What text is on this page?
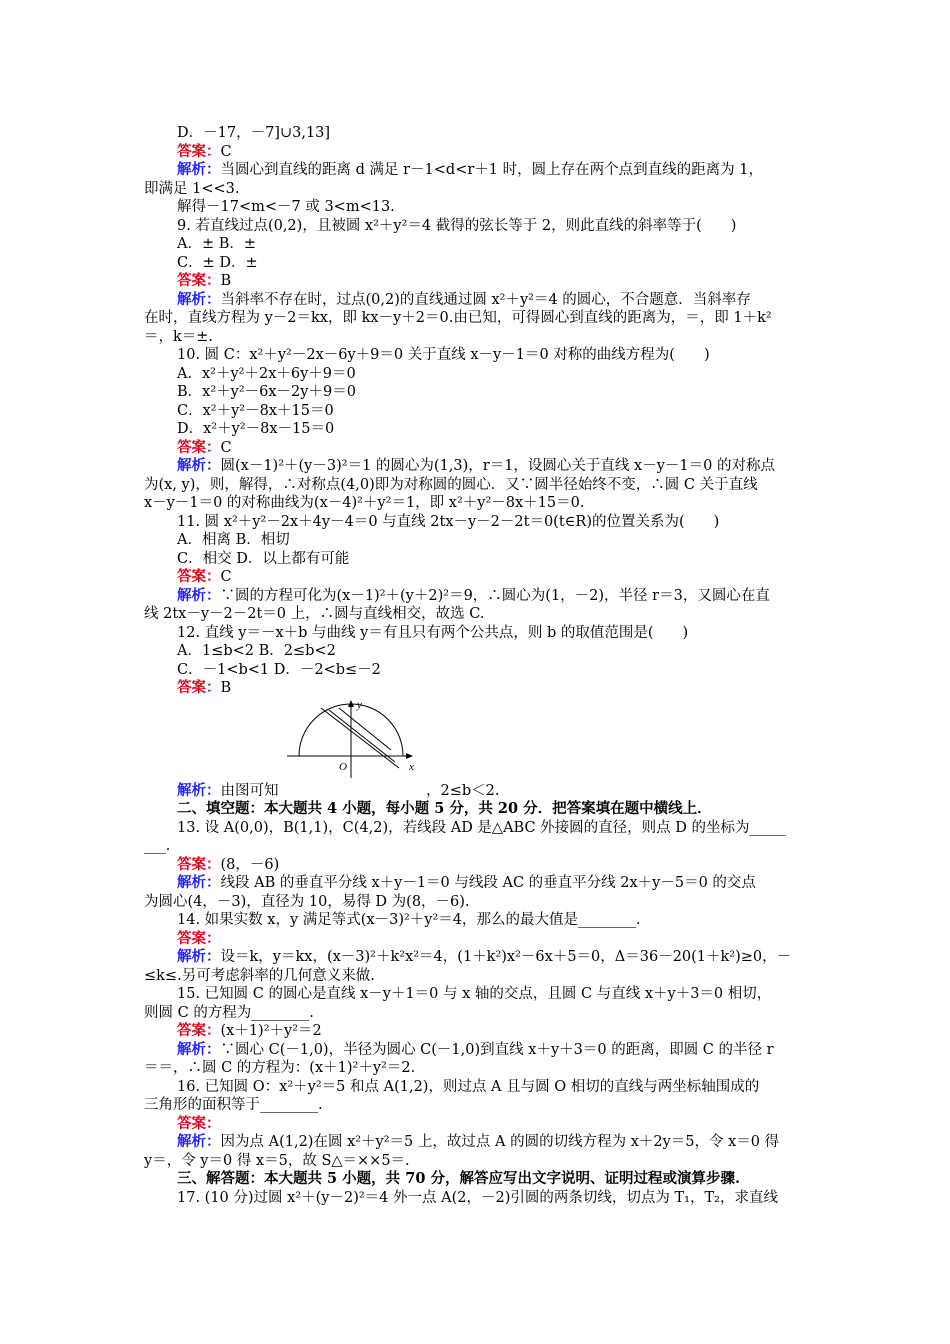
D．－17，－7]∪3,13]
答案：C
解析：当圆心到直线的距离 d 满足 r－1<d<r＋1 时，圆上存在两个点到直线的距离为 1，
即满足 1<<3.
解得－17<m<－7 或 3<m<13.
9. 若直线过点(0,2)，且被圆 x²＋y²＝4 截得的弦长等于 2，则此直线的斜率等于(　　)
A．± B．±
C．± D．±
答案：B
解析：当斜率不存在时，过点(0,2)的直线通过圆 x²＋y²＝4 的圆心，不合题意．当斜率存
在时，直线方程为 y－2＝kx，即 kx－y＋2＝0.由已知，可得圆心到直线的距离为，＝，即 1＋k²
＝，k＝±.
10. 圆 C：x²＋y²－2x－6y＋9＝0 关于直线 x－y－1＝0 对称的曲线方程为(　　)
A．x²＋y²＋2x＋6y＋9＝0
B．x²＋y²－6x－2y＋9＝0
C．x²＋y²－8x＋15＝0
D．x²＋y²－8x－15＝0
答案：C
解析：圆(x－1)²＋(y－3)²＝1 的圆心为(1,3)，r＝1，设圆心关于直线 x－y－1＝0 的对称点
为(x, y)，则，解得，∴对称点(4,0)即为对称圆的圆心．又∵圆半径始终不变，∴圆 C 关于直线
x－y－1＝0 的对称曲线为(x－4)²＋y²＝1，即 x²＋y²－8x＋15＝0.
11. 圆 x²＋y²－2x＋4y－4＝0 与直线 2tx－y－2－2t＝0(t∈R)的位置关系为(　　)
A．相离 B．相切
C．相交 D．以上都有可能
答案：C
解析：∵圆的方程可化为(x－1)²＋(y＋2)²＝9，∴圆心为(1，－2)，半径 r＝3，又圆心在直
线 2tx－y－2－2t＝0 上，∴圆与直线相交，故选 C.
12. 直线 y＝－x＋b 与曲线 y＝有且只有两个公共点，则 b 的取值范围是(　　)
A．1≤b<2 B．2≤b<2
C．－1<b<1 D．－2<b≤－2
答案：B
y
x
O
解析：由图可知                                ，2≤b＜2.
二、填空题：本大题共 4 小题，每小题 5 分，共 20 分．把答案填在题中横线上．
13. 设 A(0,0)，B(1,1)，C(4,2)，若线段 AD 是△ABC 外接圆的直径，则点 D 的坐标为_____
___.
答案：(8，－6)
解析：线段 AB 的垂直平分线 x＋y－1＝0 与线段 AC 的垂直平分线 2x＋y－5＝0 的交点
为圆心(4，－3)，直径为 10，易得 D 为(8，－6).
14. 如果实数 x，y 满足等式(x－3)²＋y²＝4，那么的最大值是________.
答案：
解析：设＝k，y＝kx，(x－3)²＋k²x²＝4，(1＋k²)x²－6x＋5＝0，Δ＝36－20(1＋k²)≥0，－
≤k≤.另可考虑斜率的几何意义来做.
15. 已知圆 C 的圆心是直线 x－y＋1＝0 与 x 轴的交点，且圆 C 与直线 x＋y＋3＝0 相切，
则圆 C 的方程为________.
答案：(x＋1)²＋y²＝2
解析：∵圆心 C(－1,0)，半径为圆心 C(－1,0)到直线 x＋y＋3＝0 的距离，即圆 C 的半径 r
＝＝，∴圆 C 的方程为：(x＋1)²＋y²＝2.
16. 已知圆 O：x²＋y²＝5 和点 A(1,2)，则过点 A 且与圆 O 相切的直线与两坐标轴围成的
三角形的面积等于________.
答案：
解析：因为点 A(1,2)在圆 x²＋y²＝5 上，故过点 A 的圆的切线方程为 x＋2y＝5，令 x＝0 得
y＝，令 y＝0 得 x＝5，故 S△＝××5＝.
三、解答题：本大题共 5 小题，共 70 分，解答应写出文字说明、证明过程或演算步骤.
17. (10 分)过圆 x²＋(y－2)²＝4 外一点 A(2，－2)引圆的两条切线，切点为 T₁，T₂，求直线
